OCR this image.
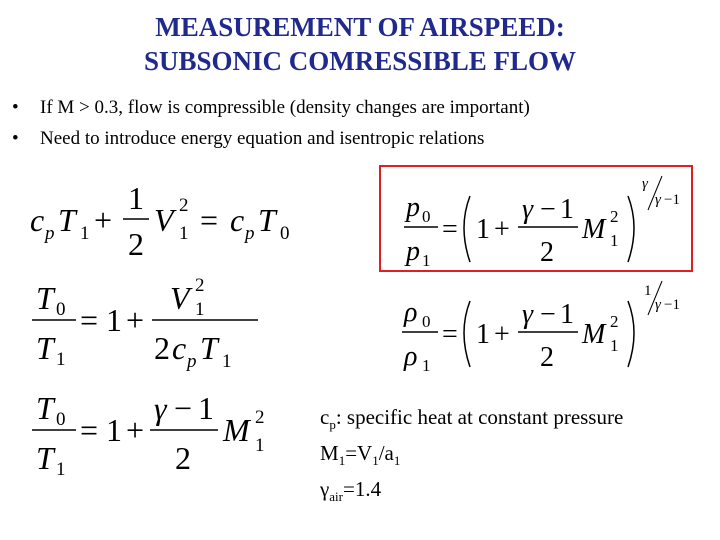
MEASUREMENT OF AIRSPEED:
SUBSONIC COMRESSIBLE FLOW
•	If M > 0.3, flow is compressible (density changes are important)
•	Need to introduce energy equation and isentropic relations
c p T 1 +
1
2
V 2
1 = c p T 0
T 0
T 1
= 1 +
V 2
1
2 c p T 1
T 0
T 1
= 1 +
γ − 1
2
M 2
1
p 0
p 1
= 1 +
γ − 1
2
M 2
1
γ
γ −1
ρ 0
ρ 1
= 1 +
γ − 1
2
M 2
1
1
γ −1
$c_p$: specific heat at constant pressure
$M_1=V_1/a_1$
$\gamma_{air}=1.4$
